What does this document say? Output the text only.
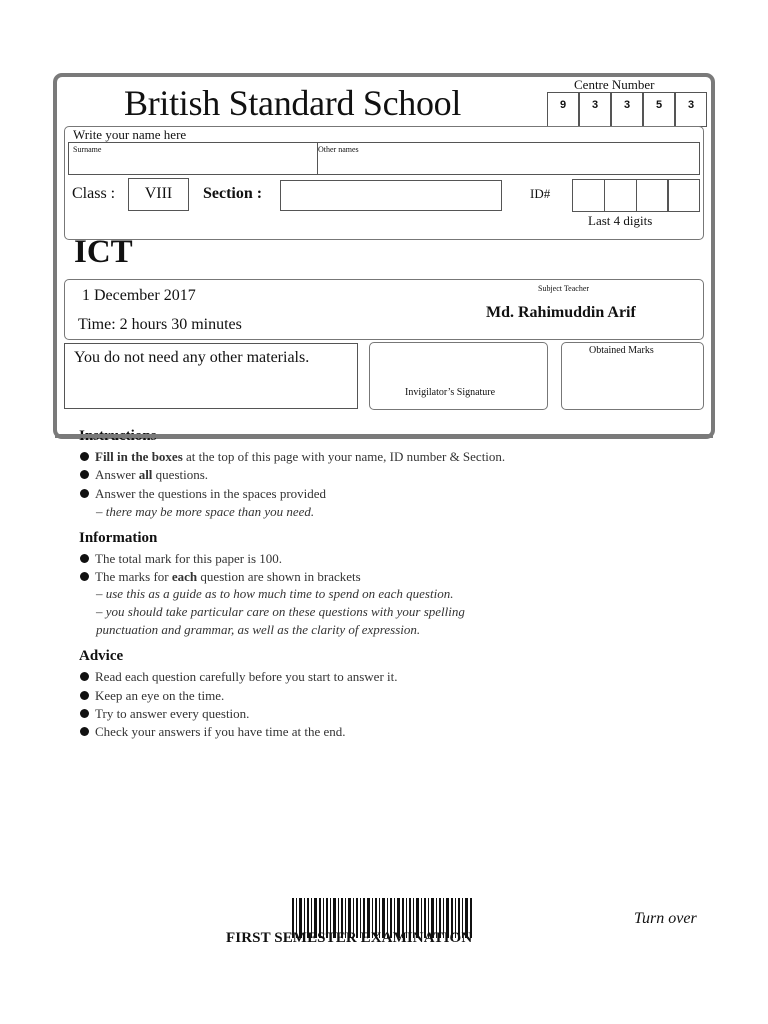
British Standard School	Centre Number
9	3	3	5	3
Write your name here
Surname	Other names
Class :	VIII	Section :	ID#
Last 4 digits
ICT
1 December 2017
Time: 2 hours 30 minutes
Subject Teacher
Md. Rahimuddin Arif
You do not need any other materials.
Invigilator’s Signature
Obtained Marks
Fill in the boxes at the top of this page with your name, ID number & Section.
Answer all questions.
Answer the questions in the spaces provided
– there may be more space than you need.
Information
The total mark for this paper is 100.
The marks for each question are shown in brackets
– use this as a guide as to how much time to spend on each question.
– you should take particular care on these questions with your spelling
punctuation and grammar, as well as the clarity of expression.
Advice
Read each question carefully before you start to answer it.
Keep an eye on the time.
Try to answer every question.
Check your answers if you have time at the end.
FIRST SEMESTER EXAMINATION
Turn over
